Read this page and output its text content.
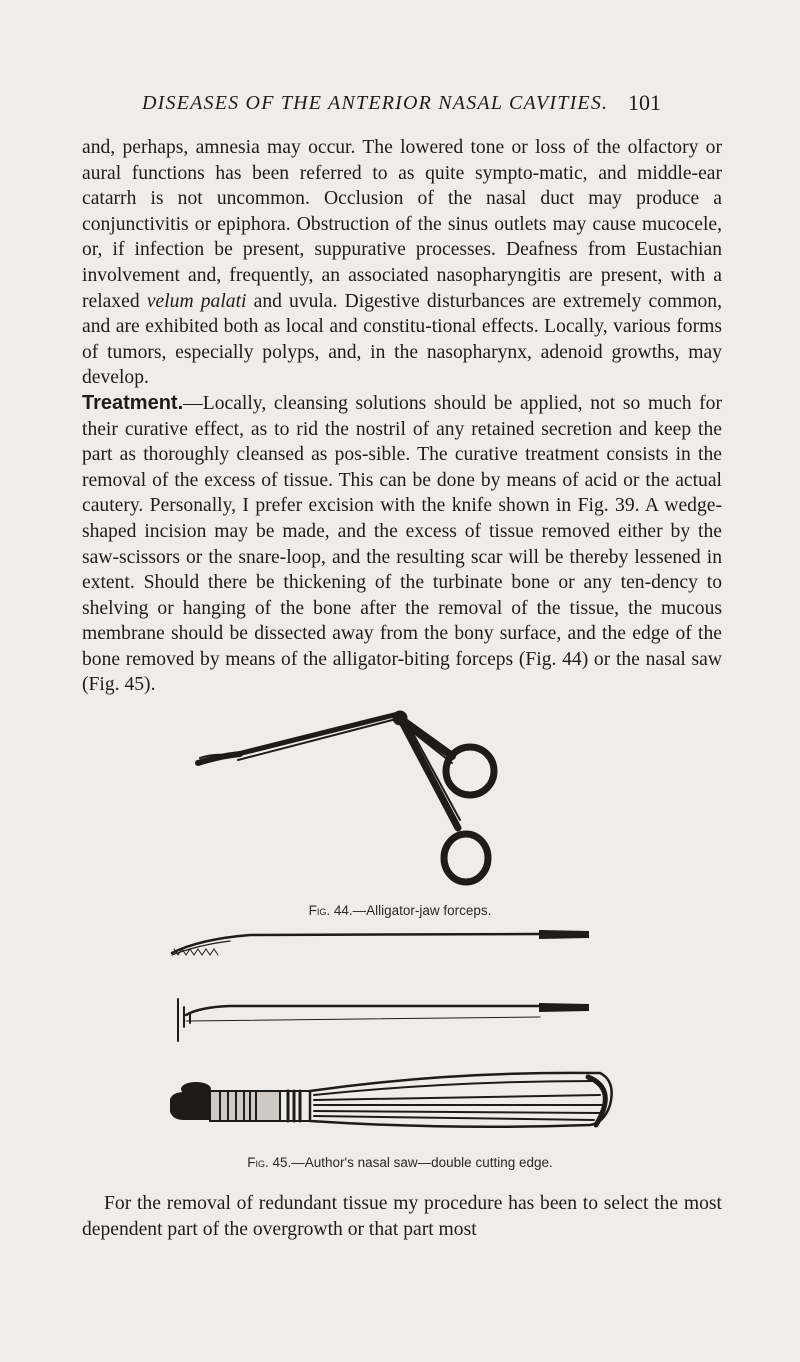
DISEASES OF THE ANTERIOR NASAL CAVITIES. 101

and, perhaps, amnesia may occur. The lowered tone or loss of the olfactory or aural functions has been referred to as quite sympto-matic, and middle-ear catarrh is not uncommon. Occlusion of the nasal duct may produce a conjunctivitis or epiphora. Obstruction of the sinus outlets may cause mucocele, or, if infection be present, suppurative processes. Deafness from Eustachian involvement and, frequently, an associated nasopharyngitis are present, with a relaxed velum palati and uvula. Digestive disturbances are extremely common, and are exhibited both as local and constitu-tional effects. Locally, various forms of tumors, especially polyps, and, in the nasopharynx, adenoid growths, may develop.
Treatment.—Locally, cleansing solutions should be applied, not so much for their curative effect, as to rid the nostril of any retained secretion and keep the part as thoroughly cleansed as pos-sible. The curative treatment consists in the removal of the excess of tissue. This can be done by means of acid or the actual cautery. Personally, I prefer excision with the knife shown in Fig. 39. A wedge-shaped incision may be made, and the excess of tissue removed either by the saw-scissors or the snare-loop, and the resulting scar will be thereby lessened in extent. Should there be thickening of the turbinate bone or any ten-dency to shelving or hanging of the bone after the removal of the tissue, the mucous membrane should be dissected away from the bony surface, and the edge of the bone removed by means of the alligator-biting forceps (Fig. 44) or the nasal saw (Fig. 45).

Fig. 44.—Alligator-jaw forceps.
Fig. 45.—Author's nasal saw—double cutting edge.

For the removal of redundant tissue my procedure has been to select the most dependent part of the overgrowth or that part most
